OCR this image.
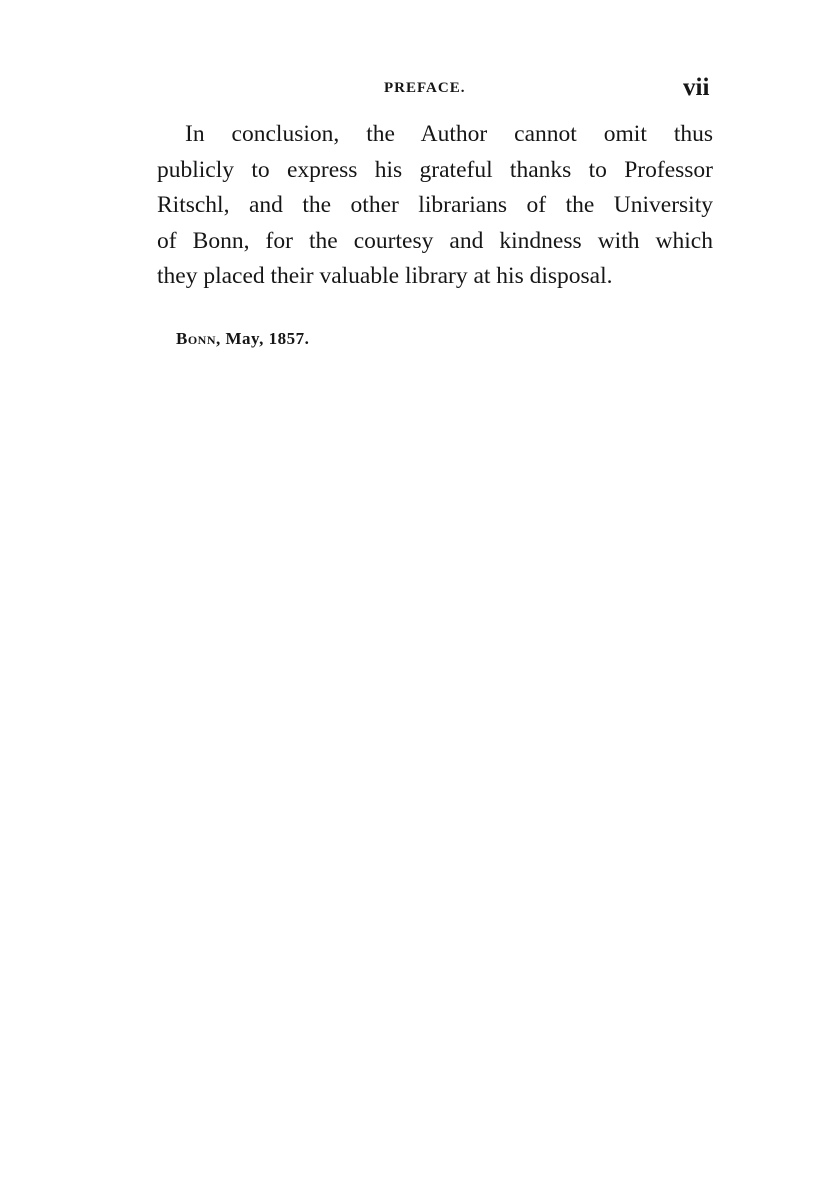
PREFACE.	vii

In conclusion, the Author cannot omit thus
publicly to express his grateful thanks to Professor
Ritschl, and the other librarians of the University
of Bonn, for the courtesy and kindness with which
they placed their valuable library at his disposal.

Bonn, May, 1857.
